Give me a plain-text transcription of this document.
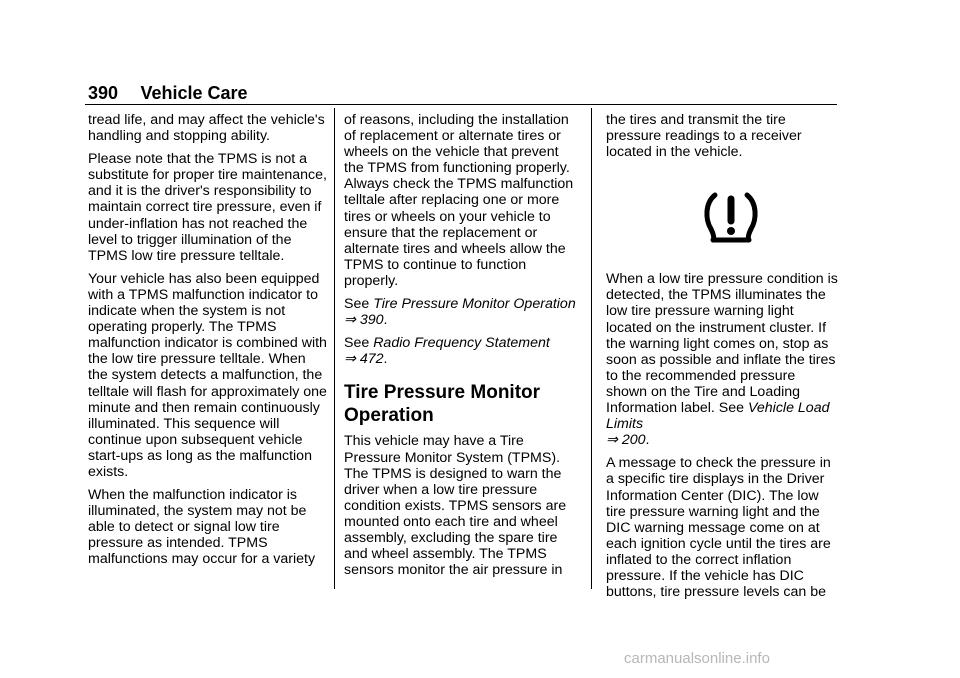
390 Vehicle Care

tread life, and may affect the vehicle's handling and stopping ability.

Please note that the TPMS is not a substitute for proper tire maintenance, and it is the driver's responsibility to maintain correct tire pressure, even if under-inflation has not reached the level to trigger illumination of the TPMS low tire pressure telltale.

Your vehicle has also been equipped with a TPMS malfunction indicator to indicate when the system is not operating properly. The TPMS malfunction indicator is combined with the low tire pressure telltale. When the system detects a malfunction, the telltale will flash for approximately one minute and then remain continuously illuminated. This sequence will continue upon subsequent vehicle start-ups as long as the malfunction exists.

When the malfunction indicator is illuminated, the system may not be able to detect or signal low tire pressure as intended. TPMS malfunctions may occur for a variety

of reasons, including the installation of replacement or alternate tires or wheels on the vehicle that prevent the TPMS from functioning properly. Always check the TPMS malfunction telltale after replacing one or more tires or wheels on your vehicle to ensure that the replacement or alternate tires and wheels allow the TPMS to continue to function properly.

See Tire Pressure Monitor Operation
⇒ 390.

See Radio Frequency Statement
⇒ 472.

Tire Pressure Monitor Operation

This vehicle may have a Tire Pressure Monitor System (TPMS). The TPMS is designed to warn the driver when a low tire pressure condition exists. TPMS sensors are mounted onto each tire and wheel assembly, excluding the spare tire and wheel assembly. The TPMS sensors monitor the air pressure in

the tires and transmit the tire pressure readings to a receiver located in the vehicle.

When a low tire pressure condition is detected, the TPMS illuminates the low tire pressure warning light located on the instrument cluster. If the warning light comes on, stop as soon as possible and inflate the tires to the recommended pressure shown on the Tire and Loading Information label. See Vehicle Load Limits
⇒ 200.

A message to check the pressure in a specific tire displays in the Driver Information Center (DIC). The low tire pressure warning light and the DIC warning message come on at each ignition cycle until the tires are inflated to the correct inflation pressure. If the vehicle has DIC buttons, tire pressure levels can be

carmanualsonline.info
